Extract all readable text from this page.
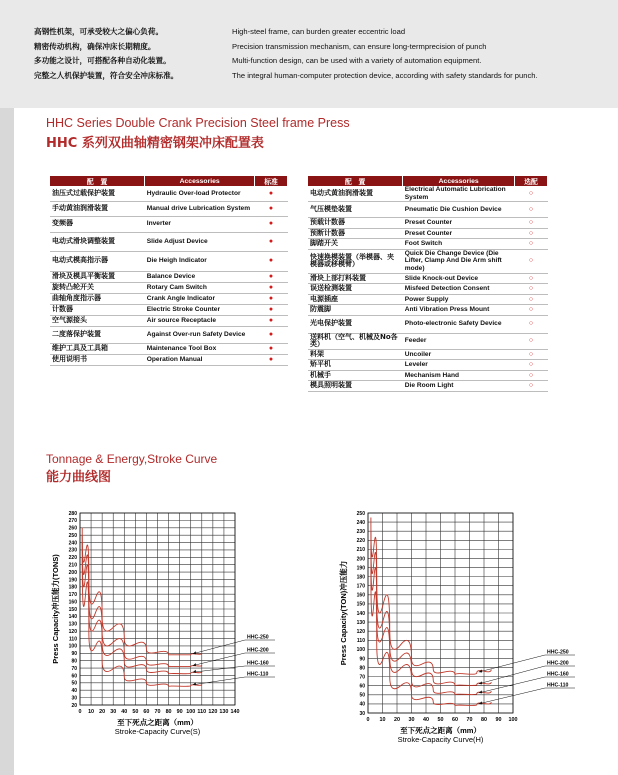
高钢性机架，可承受较大之偏心负荷。	High-steel frame, can burden greater eccentric load
精密传动机构，确保冲床长期精度。	Precision transmission mechanism, can ensure long-termprecision of punch
多功能之设计，可搭配各种自动化装置。	Multi-function design, can be used with a variety of automation equipment.
完整之人机保护装置，符合安全冲床标准。	The integral human-computer protection device, according with safety standards for punch.
HHC Series Double Crank Precision Steel frame Press
HHC 系列双曲轴精密钢架冲床配置表
配　置	Accessories	标准
油压式过载保护装置	Hydraulic Over-load Protector	●
手动黄油润滑装置	Manual drive Lubrication System	●
变频器	Inverter	●
电动式滑块调整装置	Slide Adjust Device	●
电动式模高指示器	Die Heigh Indicator	●
滑块及模具平衡装置	Balance Device	●
旋转凸轮开关	Rotary Cam Switch	●
曲轴角度指示器	Crank Angle Indicator	●
计数器	Electric Stroke Counter	●
空气源接头	Air source Receptacle	●
二度落保护装置	Against Over-run Safety Device	●
维护工具及工具箱	Maintenance Tool Box	●
使用说明书	Operation Manual	●
配　置	Accessories	选配
电动式黄油润滑装置	Electrical Automatic Lubrication System	○
气压模垫装置	Pneumatic Die Cushion Device	○
预载计数器	Preset Counter	○
预断计数器	Preset Counter	○
脚踏开关	Foot Switch	○
快速换模装置（举模器、夹模器或移模臂）	Quick Die Change Device (Die Lifter, Clamp And Die Arm shift mode)	○
滑块上部打料装置	Slide Knock-out Device	○
误送检测装置	Misfeed Detection Consent	○
电源插座	Power Supply	○
防震脚	Anti Vibration Press Mount	○
光电保护装置	Photo-electronic Safety Device	○
送料机（空气、机械及No各类）	Feeder	○
料架	Uncoiler	○
矫平机	Leveler	○
机械手	Mechanism Hand	○
模具照明装置	Die Room Light	○
Tonnage & Energy,Stroke Curve
能力曲线图
0 10 20 30 40 50 60 70 80 90 100 110 120 130 140
20
30
40
50
60
70
80
90
100
110
120
130
140
150
160
170
180
190
200
210
220
230
240
250
260
270
280
Press Capacity冲压能力(TONS)
至下死点之距离（mm）
Stroke-Capacity Curve(S)
HHC-250
HHC-200
HHC-160
HHC-110
0 10 20 30 40 50 60 70 80 90 100
30
40
50
60
70
80
90
100
110
120
130
140
150
160
170
180
190
200
210
220
230
240
250
Press Capacity(TON)冲压能力
至下死点之距离（mm）
Stroke-Capacity Curve(H)
HHC-250
HHC-200
HHC-160
HHC-110
